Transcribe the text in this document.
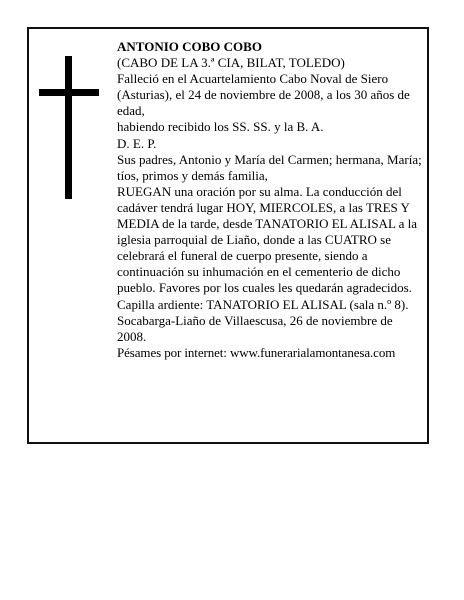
ANTONIO COBO COBO

(CABO DE LA 3.ª CIA, BILAT, TOLEDO)

Falleció en el Acuartelamiento Cabo Noval de Siero (Asturias), el 24 de noviembre de 2008, a los 30 años de edad,

habiendo recibido los SS. SS. y la B. A.

D. E. P.

Sus padres, Antonio y María del Carmen; hermana, María; tíos, primos y demás familia,

RUEGAN una oración por su alma. La conducción del cadáver tendrá lugar HOY, MIERCOLES, a las TRES Y MEDIA de la tarde, desde TANATORIO EL ALISAL a la iglesia parroquial de Liaño, donde a las CUATRO se celebrará el funeral de cuerpo presente, siendo a continuación su inhumación en el cementerio de dicho pueblo. Favores por los cuales les quedarán agradecidos. Capilla ardiente: TANATORIO EL ALISAL (sala n.º 8).

Socabarga-Liaño de Villaescusa, 26 de noviembre de 2008.

Pésames por internet: www.funerarialamontanesa.com
